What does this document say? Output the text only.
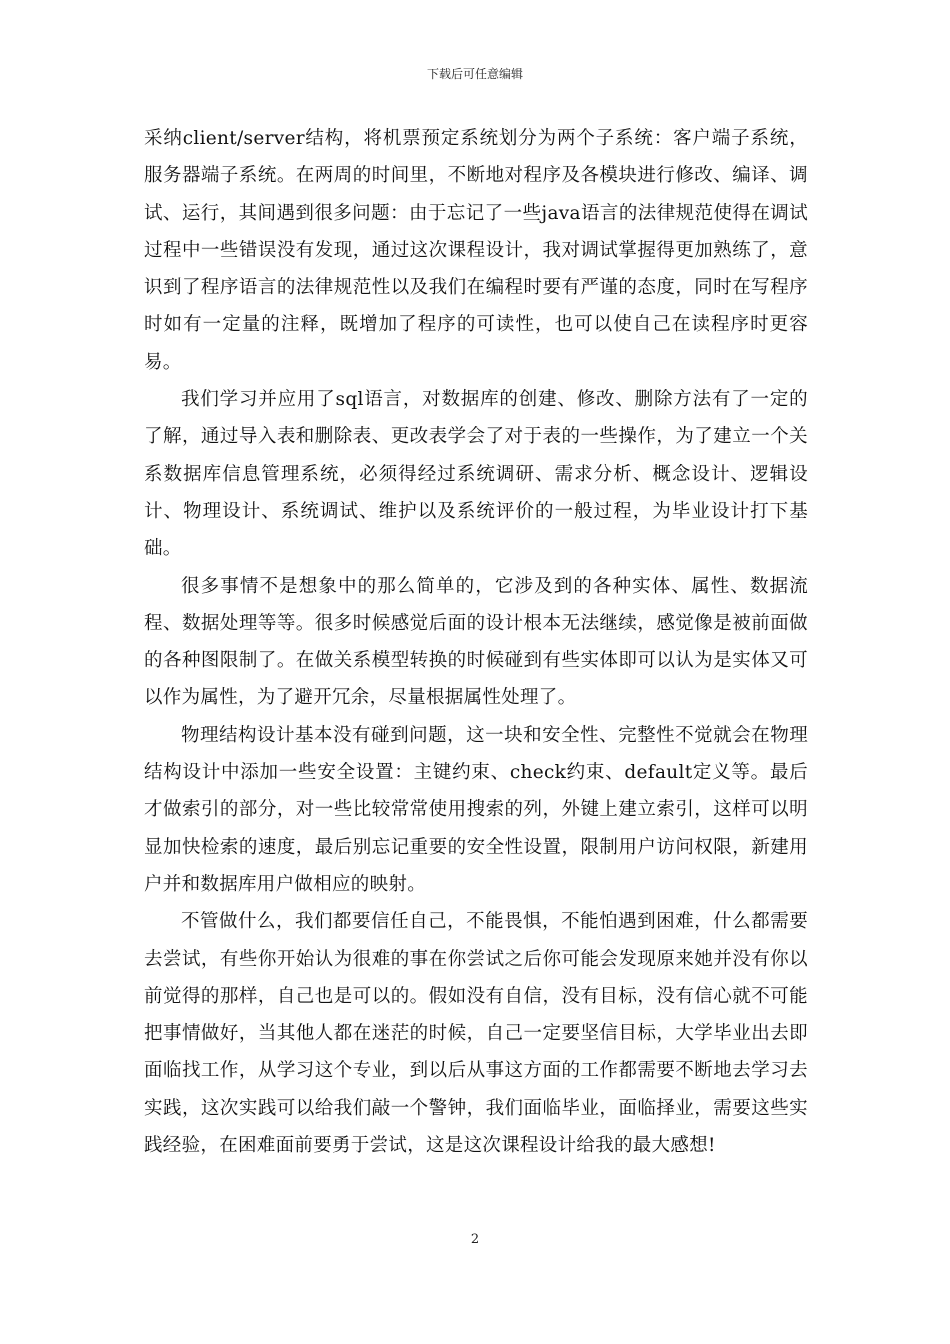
下载后可任意编辑

采纳client/server结构，将机票预定系统划分为两个子系统：客户端子系统，服务器端子系统。在两周的时间里，不断地对程序及各模块进行修改、编译、调试、运行，其间遇到很多问题：由于忘记了一些java语言的法律规范使得在调试过程中一些错误没有发现，通过这次课程设计，我对调试掌握得更加熟练了，意识到了程序语言的法律规范性以及我们在编程时要有严谨的态度，同时在写程序时如有一定量的注释，既增加了程序的可读性，也可以使自己在读程序时更容易。

我们学习并应用了sql语言，对数据库的创建、修改、删除方法有了一定的了解，通过导入表和删除表、更改表学会了对于表的一些操作，为了建立一个关系数据库信息管理系统，必须得经过系统调研、需求分析、概念设计、逻辑设计、物理设计、系统调试、维护以及系统评价的一般过程，为毕业设计打下基础。

很多事情不是想象中的那么简单的，它涉及到的各种实体、属性、数据流程、数据处理等等。很多时候感觉后面的设计根本无法继续，感觉像是被前面做的各种图限制了。在做关系模型转换的时候碰到有些实体即可以认为是实体又可以作为属性，为了避开冗余，尽量根据属性处理了。

物理结构设计基本没有碰到问题，这一块和安全性、完整性不觉就会在物理结构设计中添加一些安全设置：主键约束、check约束、default定义等。最后才做索引的部分，对一些比较常常使用搜索的列，外键上建立索引，这样可以明显加快检索的速度，最后别忘记重要的安全性设置，限制用户访问权限，新建用户并和数据库用户做相应的映射。

不管做什么，我们都要信任自己，不能畏惧，不能怕遇到困难，什么都需要去尝试，有些你开始认为很难的事在你尝试之后你可能会发现原来她并没有你以前觉得的那样，自己也是可以的。假如没有自信，没有目标，没有信心就不可能把事情做好，当其他人都在迷茫的时候，自己一定要坚信目标，大学毕业出去即面临找工作，从学习这个专业，到以后从事这方面的工作都需要不断地去学习去实践，这次实践可以给我们敲一个警钟，我们面临毕业，面临择业，需要这些实践经验，在困难面前要勇于尝试，这是这次课程设计给我的最大感想!

2
